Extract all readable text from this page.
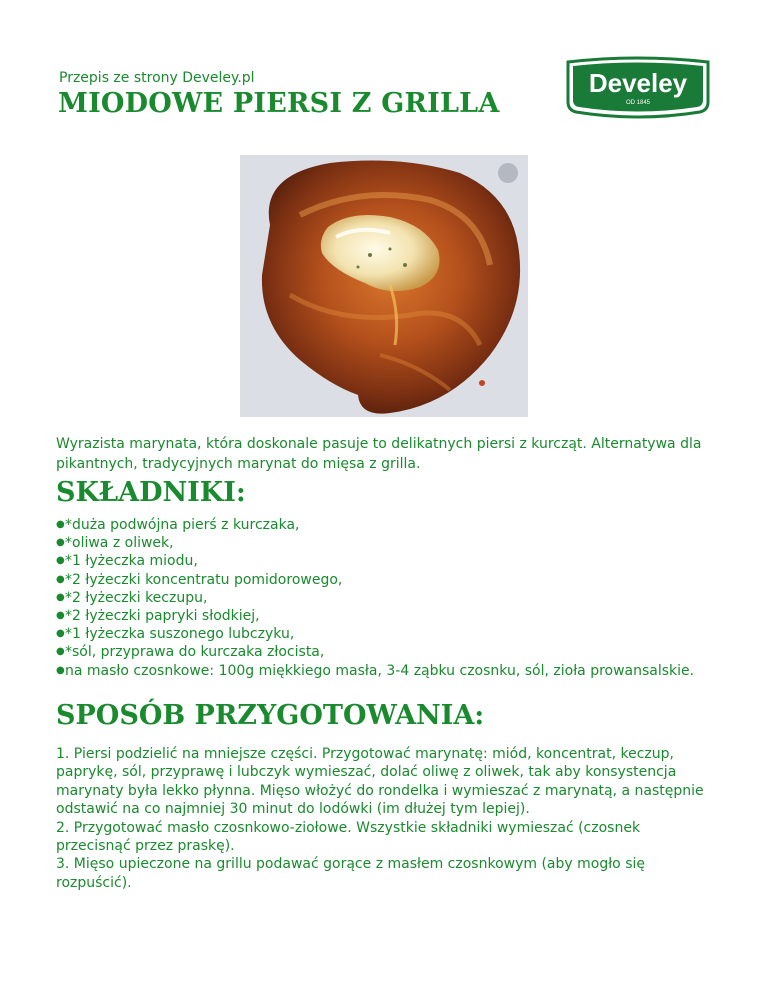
Przepis ze strony Develey.pl
MIODOWE PIERSI Z GRILLA
Develey
OD 1845
Wyrazista marynata, która doskonale pasuje to delikatnych piersi z kurcząt. Alternatywa dla pikantnych, tradycyjnych marynat do mięsa z grilla.
SKŁADNIKI:
●*duża podwójna pierś z kurczaka,
●*oliwa z oliwek,
●*1 łyżeczka miodu,
●*2 łyżeczki koncentratu pomidorowego,
●*2 łyżeczki keczupu,
●*2 łyżeczki papryki słodkiej,
●*1 łyżeczka suszonego lubczyku,
●*sól, przyprawa do kurczaka złocista,
●na masło czosnkowe: 100g miękkiego masła, 3-4 ząbku czosnku, sól, zioła prowansalskie.
SPOSÓB PRZYGOTOWANIA:

1. Piersi podzielić na mniejsze części. Przygotować marynatę: miód, koncentrat, keczup,

paprykę, sól, przyprawę i lubczyk wymieszać, dolać oliwę z oliwek, tak aby konsystencja

marynaty była lekko płynna. Mięso włożyć do rondelka i wymieszać z marynatą, a następnie

odstawić na co najmniej 30 minut do lodówki (im dłużej tym lepiej).

2. Przygotować masło czosnkowo-ziołowe. Wszystkie składniki wymieszać (czosnek

przecisnąć przez praskę).

3. Mięso upieczone na grillu podawać gorące z masłem czosnkowym (aby mogło się

rozpuścić).
